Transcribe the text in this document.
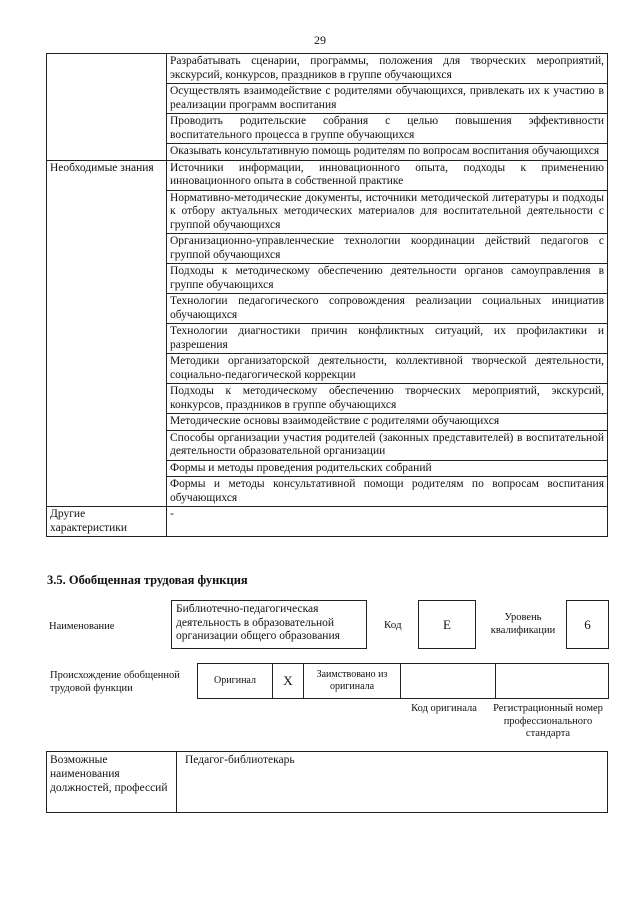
29
	Разрабатывать сценарии, программы, положения для творческих мероприятий, экскурсий, конкурсов, праздников в группе обучающихся
	Осуществлять взаимодействие с родителями обучающихся, привлекать их к участию в реализации программ воспитания
	Проводить родительские собрания с целью повышения эффективности воспитательного процесса в группе обучающихся
	Оказывать консультативную помощь родителям по вопросам воспитания обучающихся
Необходимые знания	Источники информации, инновационного опыта, подходы к применению инновационного опыта в собственной практике
	Нормативно-методические документы, источники методической литературы и подходы к отбору актуальных методических материалов для воспитательной деятельности с группой обучающихся
	Организационно-управленческие технологии координации действий педагогов с группой обучающихся
	Подходы к методическому обеспечению деятельности органов самоуправления в группе обучающихся
	Технологии педагогического сопровождения реализации социальных инициатив обучающихся
	Технологии диагностики причин конфликтных ситуаций, их профилактики и разрешения
	Методики организаторской деятельности, коллективной творческой деятельности, социально-педагогической коррекции
	Подходы к методическому обеспечению творческих мероприятий, экскурсий, конкурсов, праздников в группе обучающихся
	Методические основы взаимодействие с родителями обучающихся
	Способы организации участия родителей (законных представителей) в воспитательной деятельности образовательной организации
	Формы и методы проведения родительских собраний
	Формы и методы консультативной помощи родителям по вопросам воспитания обучающихся
Другие характеристики	-
3.5. Обобщенная трудовая функция
Наименование
Библиотечно-педагогическая деятельность в образовательной организации общего образования
Код	E	Уровень квалификации	6
Происхождение обобщенной трудовой функции
Оригинал	X	Заимствовано из оригинала		
Код оригинала	Регистрационный номер профессионального стандарта
Возможные наименования должностей, профессий	Педагог-библиотекарь
